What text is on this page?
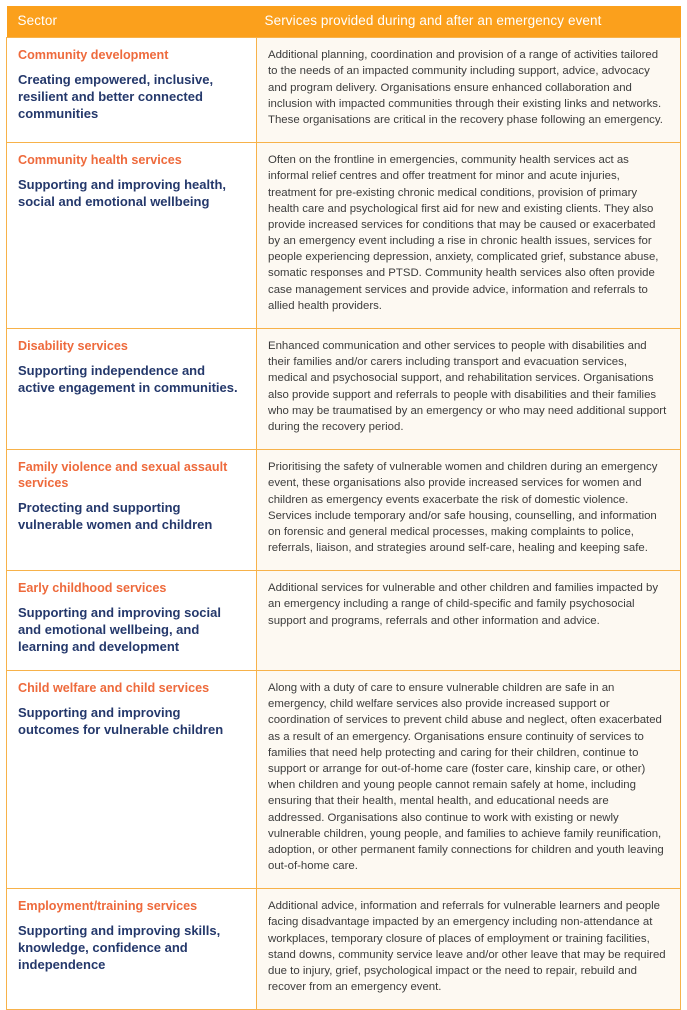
Sector	Services provided during and after an emergency event

Community development

Creating empowered, inclusive, resilient and better connected communities	Additional planning, coordination and provision of a range of activities tailored to the needs of an impacted community including support, advice, advocacy and program delivery. Organisations ensure enhanced collaboration and inclusion with impacted communities through their existing links and networks. These organisations are critical in the recovery phase following an emergency.

Community health services

Supporting and improving health, social and emotional wellbeing	Often on the frontline in emergencies, community health services act as informal relief centres and offer treatment for minor and acute injuries, treatment for pre-existing chronic medical conditions, provision of primary health care and psychological first aid for new and existing clients. They also provide increased services for conditions that may be caused or exacerbated by an emergency event including a rise in chronic health issues, services for people experiencing depression, anxiety, complicated grief, substance abuse, somatic responses and PTSD. Community health services also often provide case management services and provide advice, information and referrals to allied health providers.

Disability services

Supporting independence and active engagement in communities.	Enhanced communication and other services to people with disabilities and their families and/or carers including transport and evacuation services, medical and psychosocial support, and rehabilitation services. Organisations also provide support and referrals to people with disabilities and their families who may be traumatised by an emergency or who may need additional support during the recovery period.

Family violence and sexual assault services

Protecting and supporting vulnerable women and children	Prioritising the safety of vulnerable women and children during an emergency event, these organisations also provide increased services for women and children as emergency events exacerbate the risk of domestic violence. Services include temporary and/or safe housing, counselling, and information on forensic and general medical processes, making complaints to police, referrals, liaison, and strategies around self-care, healing and keeping safe.

Early childhood services

Supporting and improving social and emotional wellbeing, and learning and development	Additional services for vulnerable and other children and families impacted by an emergency including a range of child-specific and family psychosocial support and programs, referrals and other information and advice.

Child welfare and child services

Supporting and improving outcomes for vulnerable children	Along with a duty of care to ensure vulnerable children are safe in an emergency, child welfare services also provide increased support or coordination of services to prevent child abuse and neglect, often exacerbated as a result of an emergency. Organisations ensure continuity of services to families that need help protecting and caring for their children, continue to support or arrange for out-of-home care (foster care, kinship care, or other) when children and young people cannot remain safely at home, including ensuring that their health, mental health, and educational needs are addressed. Organisations also continue to work with existing or newly vulnerable children, young people, and families to achieve family reunification, adoption, or other permanent family connections for children and youth leaving out-of-home care.

Employment/training services

Supporting and improving skills, knowledge, confidence and independence	Additional advice, information and referrals for vulnerable learners and people facing disadvantage impacted by an emergency including non-attendance at workplaces, temporary closure of places of employment or training facilities, stand downs, community service leave and/or other leave that may be required due to injury, grief, psychological impact or the need to repair, rebuild and recover from an emergency event.
